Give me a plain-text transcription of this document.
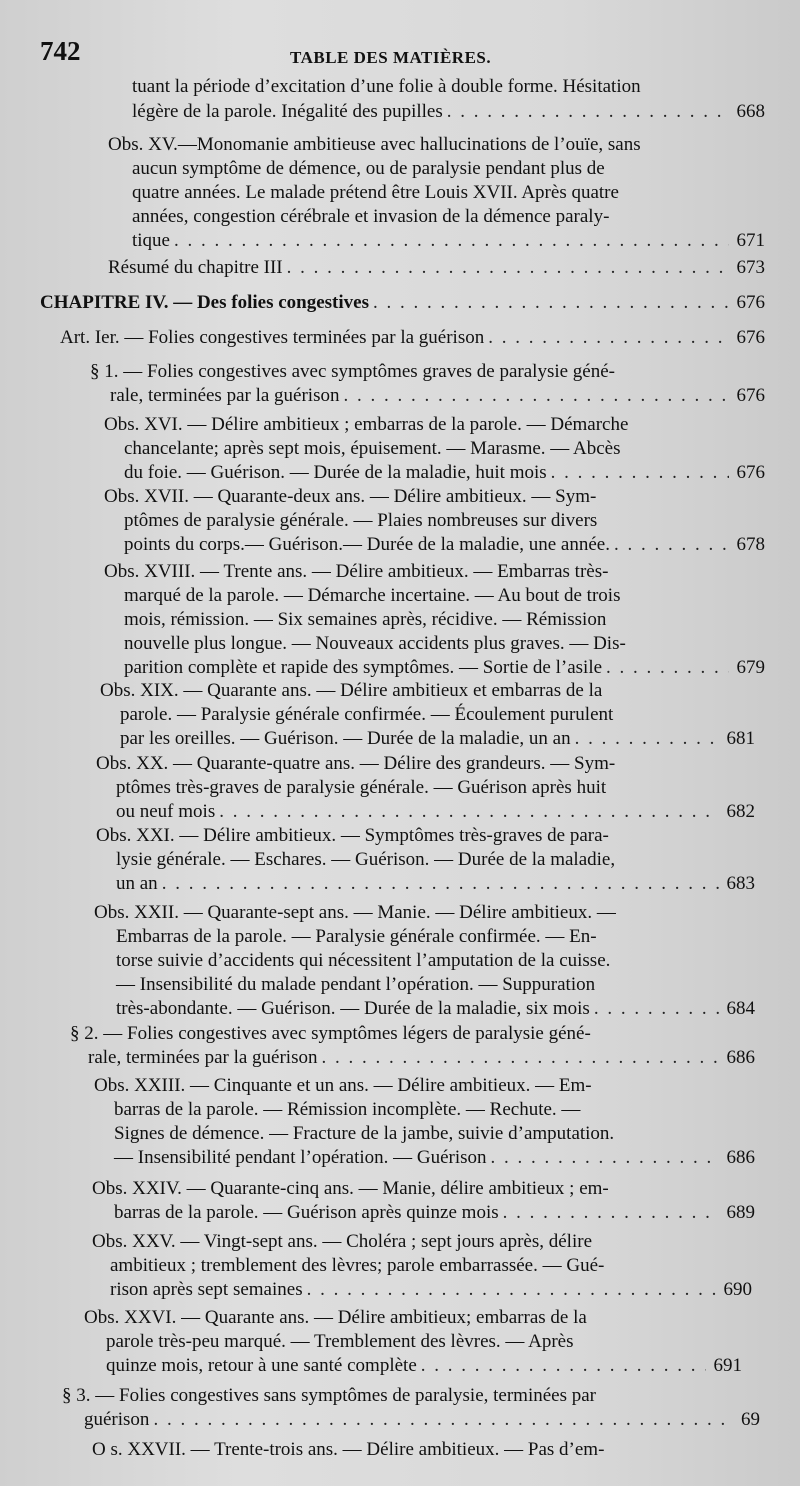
742	TABLE DES MATIÈRES.
tuant la période d’excitation d’une folie à double forme. Hésitation
légère de la parole. Inégalité des pupilles . . .	668
Obs. XV.—Monomanie ambitieuse avec hallucinations de l’ouïe, sans
aucun symptôme de démence, ou de paralysie pendant plus de
quatre années. Le malade prétend être Louis XVII. Après quatre
années, congestion cérébrale et invasion de la démence paraly-
tique . . .	671
Résumé du chapitre III . . .	673
CHAPITRE IV. — Des folies congestives . . .	676
Art. Ier. — Folies congestives terminées par la guérison . . .	676
§ 1. — Folies congestives avec symptômes graves de paralysie géné-
rale, terminées par la guérison . . .	676
Obs. XVI. — Délire ambitieux ; embarras de la parole. — Démarche
chancelante; après sept mois, épuisement. — Marasme. — Abcès
du foie. — Guérison. — Durée de la maladie, huit mois . . .	676
Obs. XVII. — Quarante-deux ans. — Délire ambitieux. — Sym-
ptômes de paralysie générale. — Plaies nombreuses sur divers
points du corps.— Guérison.— Durée de la maladie, une année. . . .	678
Obs. XVIII. — Trente ans. — Délire ambitieux. — Embarras très-
marqué de la parole. — Démarche incertaine. — Au bout de trois
mois, rémission. — Six semaines après, récidive. — Rémission
nouvelle plus longue. — Nouveaux accidents plus graves. — Dis-
parition complète et rapide des symptômes. — Sortie de l’asile . . .	679
Obs. XIX. — Quarante ans. — Délire ambitieux et embarras de la
parole. — Paralysie générale confirmée. — Écoulement purulent
par les oreilles. — Guérison. — Durée de la maladie, un an . . .	681
Obs. XX. — Quarante-quatre ans. — Délire des grandeurs. — Sym-
ptômes très-graves de paralysie générale. — Guérison après huit
ou neuf mois . . .	682
Obs. XXI. — Délire ambitieux. — Symptômes très-graves de para-
lysie générale. — Eschares. — Guérison. — Durée de la maladie,
un an . . .	683
Obs. XXII. — Quarante-sept ans. — Manie. — Délire ambitieux. —
Embarras de la parole. — Paralysie générale confirmée. — En-
torse suivie d’accidents qui nécessitent l’amputation de la cuisse.
— Insensibilité du malade pendant l’opération. — Suppuration
très-abondante. — Guérison. — Durée de la maladie, six mois . . .	684
§ 2. — Folies congestives avec symptômes légers de paralysie géné-
rale, terminées par la guérison . . .	686
Obs. XXIII. — Cinquante et un ans. — Délire ambitieux. — Em-
barras de la parole. — Rémission incomplète. — Rechute. —
Signes de démence. — Fracture de la jambe, suivie d’amputation.
— Insensibilité pendant l’opération. — Guérison . . .	686
Obs. XXIV. — Quarante-cinq ans. — Manie, délire ambitieux ; em-
barras de la parole. — Guérison après quinze mois . . .	689
Obs. XXV. — Vingt-sept ans. — Choléra ; sept jours après, délire
ambitieux ; tremblement des lèvres; parole embarrassée. — Gué-
rison après sept semaines . . .	690
Obs. XXVI. — Quarante ans. — Délire ambitieux; embarras de la
parole très-peu marqué. — Tremblement des lèvres. — Après
quinze mois, retour à une santé complète . . .	691
§ 3. — Folies congestives sans symptômes de paralysie, terminées par
guérison . . .	69
O s. XXVII. — Trente-trois ans. — Délire ambitieux. — Pas d’em-
